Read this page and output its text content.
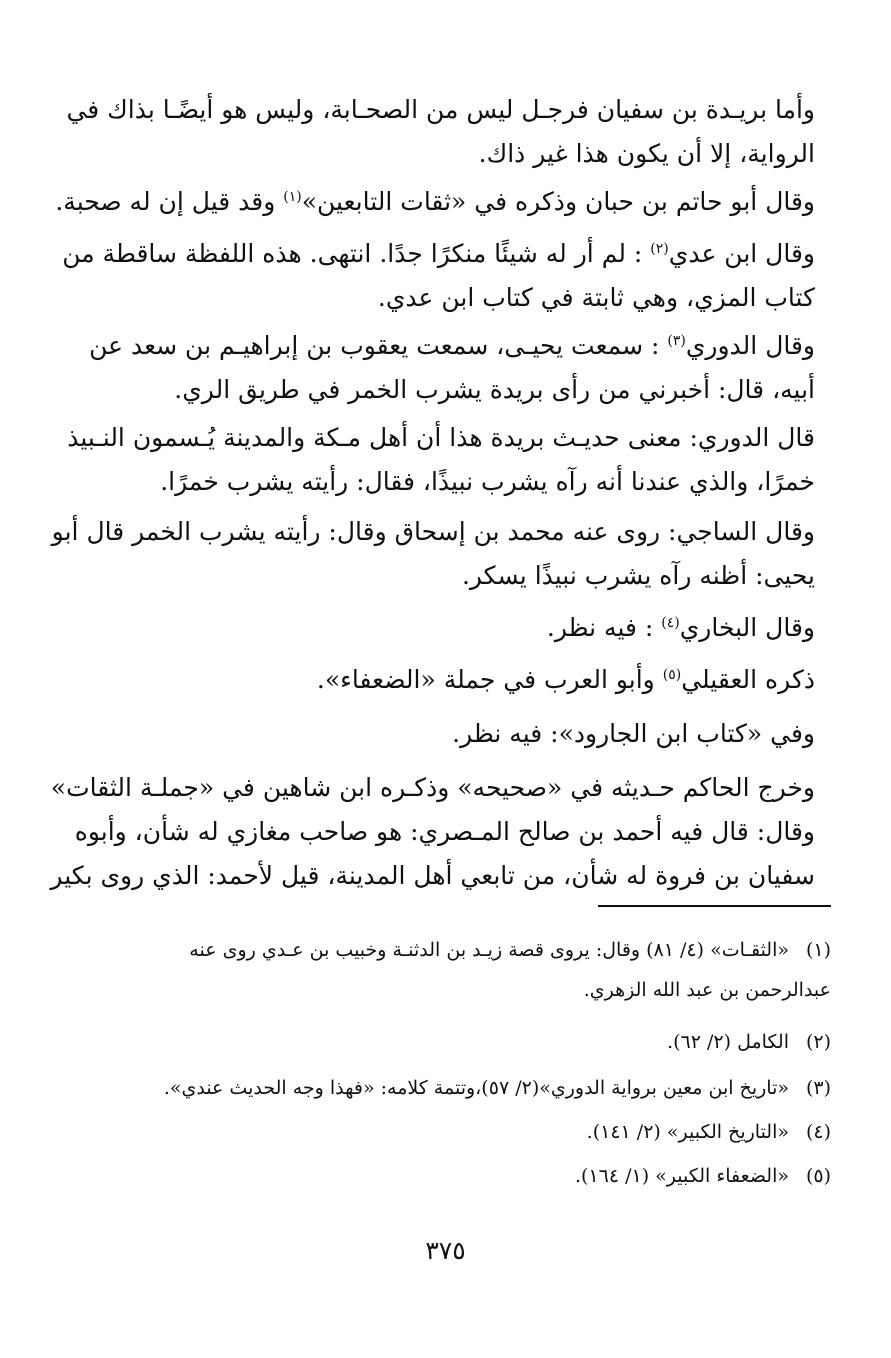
وأما بريـدة بن سفيان فرجـل ليس من الصحـابة، وليس هو أيضًـا بذاك في
الرواية، إلا أن يكون هذا غير ذاك.

وقال أبو حاتم بن حبان وذكره في «ثقات التابعين»$^{(١)}$ وقد قيل إن له صحبة.

وقال ابن عدي$^{(٢)}$ : لم أر له شيئًا منكرًا جدًا. انتهى. هذه اللفظة ساقطة من
كتاب المزي، وهي ثابتة في كتاب ابن عدي.

وقال الدوري$^{(٣)}$ : سمعت يحيـى، سمعت يعقوب بن إبراهيـم بن سعد عن
أبيه، قال: أخبرني من رأى بريدة يشرب الخمر في طريق الري.

قال الدوري: معنى حديـث بريدة هذا أن أهل مـكة والمدينة يُـسمون النـبيذ
خمرًا، والذي عندنا أنه رآه يشرب نبيذًا، فقال: رأيته يشرب خمرًا.

وقال الساجي: روى عنه محمد بن إسحاق وقال: رأيته يشرب الخمر قال أبو
يحيى: أظنه رآه يشرب نبيذًا يسكر.

وقال البخاري$^{(٤)}$ : فيه نظر.

ذكره العقيلي$^{(٥)}$ وأبو العرب في جملة «الضعفاء».

وفي «كتاب ابن الجارود»: فيه نظر.

وخرج الحاكم حـديثه في «صحيحه» وذكـره ابن شاهين في «جملـة الثقات»
وقال: قال فيه أحمد بن صالح المـصري: هو صاحب مغازي له شأن، وأبوه
سفيان بن فروة له شأن، من تابعي أهل المدينة، قيل لأحمد: الذي روى بكير

(١)«الثقـات» (٤/ ٨١) وقال: يروى قصة زيـد بن الدثنـة وخبيب بن عـدي روى عنه
عبدالرحمن بن عبد الله الزهري.

(٢)الكامل (٢/ ٦٢).

(٣)«تاريخ ابن معين برواية الدوري»(٢/ ٥٧)،وتتمة كلامه: «فهذا وجه الحديث عندي».

(٤)«التاريخ الكبير» (٢/ ١٤١).

(٥)«الضعفاء الكبير» (١/ ١٦٤).

٣٧٥
